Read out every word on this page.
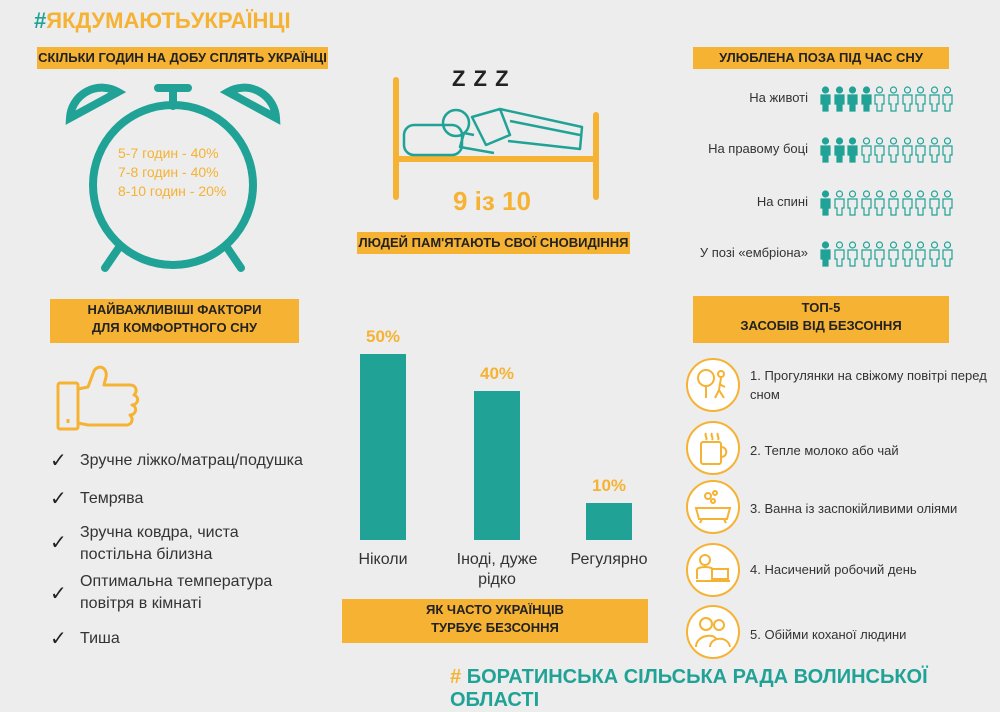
#ЯКДУМАЮТЬУКРАЇНЦІ
СКІЛЬКИ ГОДИН НА ДОБУ СПЛЯТЬ УКРАЇНЦІ
5-7 годин - 40%
7-8 годин - 40%
8-10 годин - 20%
Z Z Z
9 із 10
ЛЮДЕЙ ПАМ'ЯТАЮТЬ СВОЇ СНОВИДІННЯ
УЛЮБЛЕНА ПОЗА ПІД ЧАС СНУ
На животі
На правому боці
На спині
У позі «ембріона»
НАЙВАЖЛИВІШІ ФАКТОРИ
ДЛЯ КОМФОРТНОГО СНУ
✓ Зручне ліжко/матрац/подушка
✓ Темрява
✓ Зручна ковдра, чиста постільна білизна
✓
Оптимальна температура повітря в кімнаті
✓ Тиша
50%
Ніколи
40%
Іноді, дуже рідко
10%
Регулярно
ЯК ЧАСТО УКРАЇНЦІВ
ТУРБУЄ БЕЗСОННЯ
ТОП-5
ЗАСОБІВ ВІД БЕЗСОННЯ
1. Прогулянки на свіжому повітрі перед сном
2. Тепле молоко або чай
3. Ванна із заспокійливими оліями
4. Насичений робочий день
5. Обійми коханої людини
# БОРАТИНСЬКА СІЛЬСЬКА РАДА ВОЛИНСЬКОЇ ОБЛАСТІ
